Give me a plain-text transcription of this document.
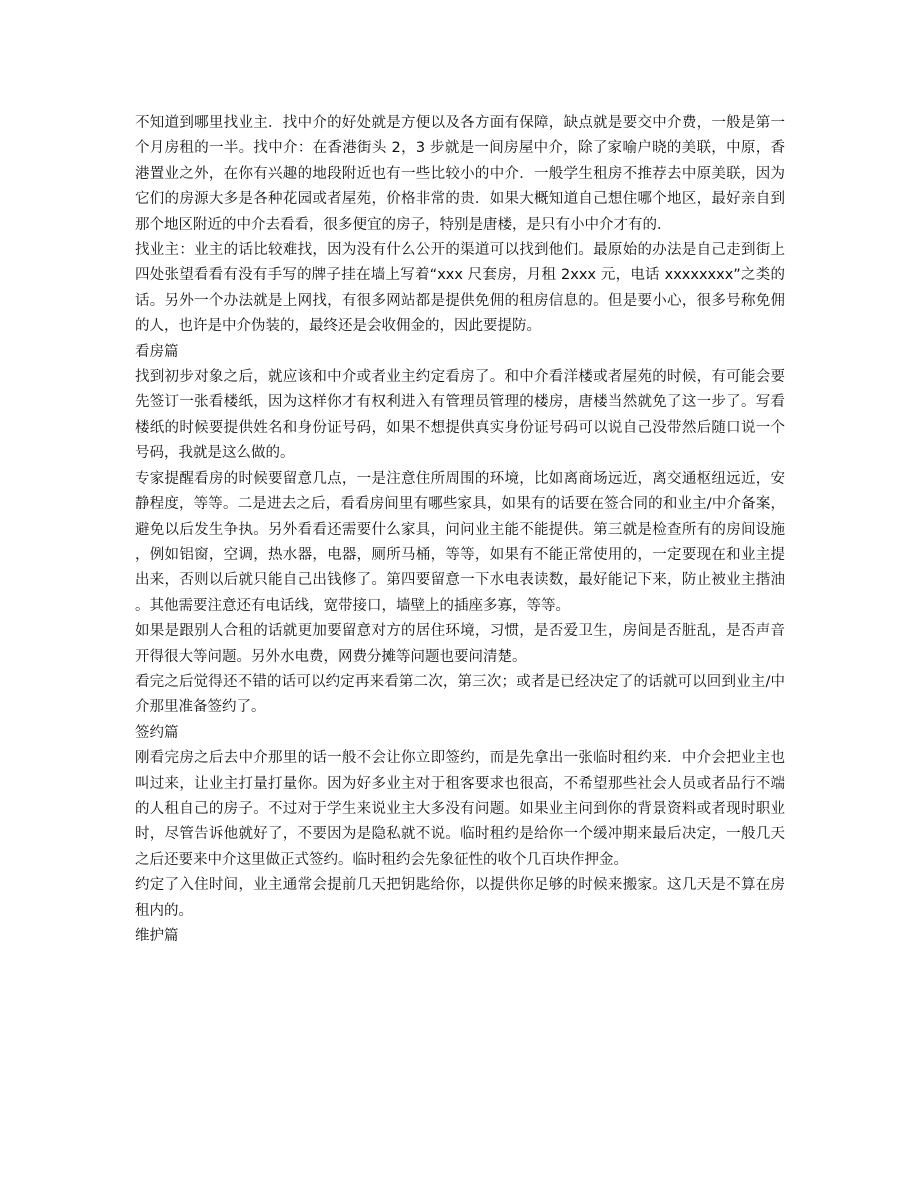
不知道到哪里找业主．找中介的好处就是方便以及各方面有保障，缺点就是要交中介费，一般是第一个月房租的一半。找中介：在香港街头 2，3 步就是一间房屋中介，除了家喻户晓的美联，中原，香港置业之外，在你有兴趣的地段附近也有一些比较小的中介．一般学生租房不推荐去中原美联，因为它们的房源大多是各种花园或者屋苑，价格非常的贵．如果大概知道自己想住哪个地区，最好亲自到那个地区附近的中介去看看，很多便宜的房子，特别是唐楼，是只有小中介才有的．

找业主：业主的话比较难找，因为没有什么公开的渠道可以找到他们。最原始的办法是自己走到街上四处张望看看有没有手写的牌子挂在墙上写着“xxx 尺套房，月租 2xxx 元，电话 xxxxxxxx”之类的话。另外一个办法就是上网找，有很多网站都是提供免佣的租房信息的。但是要小心，很多号称免佣的人，也许是中介伪装的，最终还是会收佣金的，因此要提防。

看房篇

找到初步对象之后，就应该和中介或者业主约定看房了。和中介看洋楼或者屋苑的时候，有可能会要先签订一张看楼纸，因为这样你才有权利进入有管理员管理的楼房，唐楼当然就免了这一步了。写看楼纸的时候要提供姓名和身份证号码，如果不想提供真实身份证号码可以说自己没带然后随口说一个号码，我就是这么做的。

专家提醒看房的时候要留意几点，一是注意住所周围的环境，比如离商场远近，离交通枢纽远近，安静程度，等等。二是进去之后，看看房间里有哪些家具，如果有的话要在签合同的和业主/中介备案，避免以后发生争执。另外看看还需要什么家具，问问业主能不能提供。第三就是检查所有的房间设施，例如铝窗，空调，热水器，电器，厕所马桶，等等，如果有不能正常使用的，一定要现在和业主提出来，否则以后就只能自己出钱修了。第四要留意一下水电表读数，最好能记下来，防止被业主揩油。其他需要注意还有电话线，宽带接口，墙壁上的插座多寡，等等。

如果是跟别人合租的话就更加要留意对方的居住环境，习惯，是否爱卫生，房间是否脏乱，是否声音开得很大等问题。另外水电费，网费分摊等问题也要问清楚。

看完之后觉得还不错的话可以约定再来看第二次，第三次；或者是已经决定了的话就可以回到业主/中介那里准备签约了。

签约篇

刚看完房之后去中介那里的话一般不会让你立即签约，而是先拿出一张临时租约来．中介会把业主也叫过来，让业主打量打量你。因为好多业主对于租客要求也很高，不希望那些社会人员或者品行不端的人租自己的房子。不过对于学生来说业主大多没有问题。如果业主问到你的背景资料或者现时职业时，尽管告诉他就好了，不要因为是隐私就不说。临时租约是给你一个缓冲期来最后决定，一般几天之后还要来中介这里做正式签约。临时租约会先象征性的收个几百块作押金。

约定了入住时间，业主通常会提前几天把钥匙给你，以提供你足够的时候来搬家。这几天是不算在房租内的。

维护篇
